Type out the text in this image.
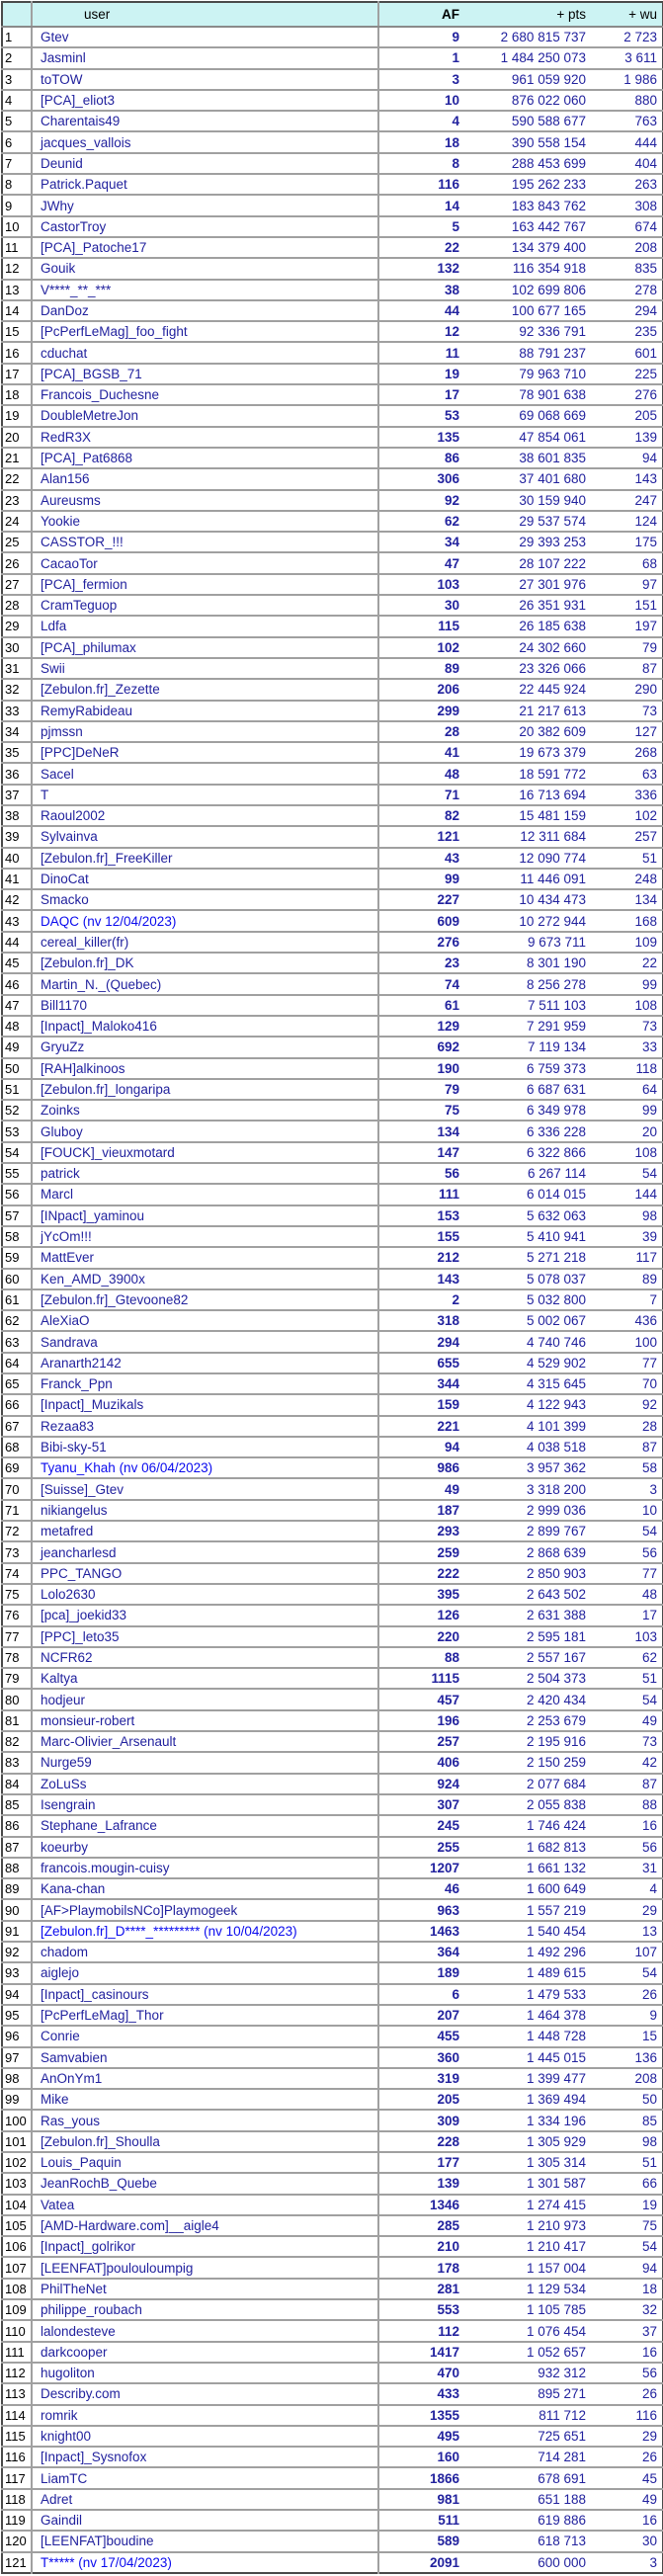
	user	AF	+ pts	+ wu
1	Gtev	9	2 680 815 737	2 723
2	Jasminl	1	1 484 250 073	3 611
3	toTOW	3	961 059 920	1 986
4	[PCA]_eliot3	10	876 022 060	880
5	Charentais49	4	590 588 677	763
6	jacques_vallois	18	390 558 154	444
7	Deunid	8	288 453 699	404
8	Patrick.Paquet	116	195 262 233	263
9	JWhy	14	183 843 762	308
10	CastorTroy	5	163 442 767	674
11	[PCA]_Patoche17	22	134 379 400	208
12	Gouik	132	116 354 918	835
13	V****_**_***	38	102 699 806	278
14	DanDoz	44	100 677 165	294
15	[PcPerfLeMag]_foo_fight	12	92 336 791	235
16	cduchat	11	88 791 237	601
17	[PCA]_BGSB_71	19	79 963 710	225
18	Francois_Duchesne	17	78 901 638	276
19	DoubleMetreJon	53	69 068 669	205
20	RedR3X	135	47 854 061	139
21	[PCA]_Pat6868	86	38 601 835	94
22	Alan156	306	37 401 680	143
23	Aureusms	92	30 159 940	247
24	Yookie	62	29 537 574	124
25	CASSTOR_!!!	34	29 393 253	175
26	CacaoTor	47	28 107 222	68
27	[PCA]_fermion	103	27 301 976	97
28	CramTeguop	30	26 351 931	151
29	Ldfa	115	26 185 638	197
30	[PCA]_philumax	102	24 302 660	79
31	Swii	89	23 326 066	87
32	[Zebulon.fr]_Zezette	206	22 445 924	290
33	RemyRabideau	299	21 217 613	73
34	pjmssn	28	20 382 609	127
35	[PPC]DeNeR	41	19 673 379	268
36	Sacel	48	18 591 772	63
37	T	71	16 713 694	336
38	Raoul2002	82	15 481 159	102
39	Sylvainva	121	12 311 684	257
40	[Zebulon.fr]_FreeKiller	43	12 090 774	51
41	DinoCat	99	11 446 091	248
42	Smacko	227	10 434 473	134
43	DAQC (nv 12/04/2023)	609	10 272 944	168
44	cereal_killer(fr)	276	9 673 711	109
45	[Zebulon.fr]_DK	23	8 301 190	22
46	Martin_N._(Quebec)	74	8 256 278	99
47	Bill1170	61	7 511 103	108
48	[Inpact]_Maloko416	129	7 291 959	73
49	GryuZz	692	7 119 134	33
50	[RAH]alkinoos	190	6 759 373	118
51	[Zebulon.fr]_longaripa	79	6 687 631	64
52	Zoinks	75	6 349 978	99
53	Gluboy	134	6 336 228	20
54	[FOUCK]_vieuxmotard	147	6 322 866	108
55	patrick	56	6 267 114	54
56	Marcl	111	6 014 015	144
57	[INpact]_yaminou	153	5 632 063	98
58	jYcOm!!!	155	5 410 941	39
59	MattEver	212	5 271 218	117
60	Ken_AMD_3900x	143	5 078 037	89
61	[Zebulon.fr]_Gtevoone82	2	5 032 800	7
62	AleXiaO	318	5 002 067	436
63	Sandrava	294	4 740 746	100
64	Aranarth2142	655	4 529 902	77
65	Franck_Ppn	344	4 315 645	70
66	[Inpact]_Muzikals	159	4 122 943	92
67	Rezaa83	221	4 101 399	28
68	Bibi-sky-51	94	4 038 518	87
69	Tyanu_Khah (nv 06/04/2023)	986	3 957 362	58
70	[Suisse]_Gtev	49	3 318 200	3
71	nikiangelus	187	2 999 036	10
72	metafred	293	2 899 767	54
73	jeancharlesd	259	2 868 639	56
74	PPC_TANGO	222	2 850 903	77
75	Lolo2630	395	2 643 502	48
76	[pca]_joekid33	126	2 631 388	17
77	[PPC]_leto35	220	2 595 181	103
78	NCFR62	88	2 557 167	62
79	Kaltya	1115	2 504 373	51
80	hodjeur	457	2 420 434	54
81	monsieur-robert	196	2 253 679	49
82	Marc-Olivier_Arsenault	257	2 195 916	73
83	Nurge59	406	2 150 259	42
84	ZoLuSs	924	2 077 684	87
85	Isengrain	307	2 055 838	88
86	Stephane_Lafrance	245	1 746 424	16
87	koeurby	255	1 682 813	56
88	francois.mougin-cuisy	1207	1 661 132	31
89	Kana-chan	46	1 600 649	4
90	[AF>PlaymobilsNCo]Playmogeek	963	1 557 219	29
91	[Zebulon.fr]_D****_********* (nv 10/04/2023)	1463	1 540 454	13
92	chadom	364	1 492 296	107
93	aiglejo	189	1 489 615	54
94	[Inpact]_casinours	6	1 479 533	26
95	[PcPerfLeMag]_Thor	207	1 464 378	9
96	Conrie	455	1 448 728	15
97	Samvabien	360	1 445 015	136
98	AnOnYm1	319	1 399 477	208
99	Mike	205	1 369 494	50
100	Ras_yous	309	1 334 196	85
101	[Zebulon.fr]_Shoulla	228	1 305 929	98
102	Louis_Paquin	177	1 305 314	51
103	JeanRochB_Quebe	139	1 301 587	66
104	Vatea	1346	1 274 415	19
105	[AMD-Hardware.com]__aigle4	285	1 210 973	75
106	[Inpact]_golrikor	210	1 210 417	54
107	[LEENFAT]poulouloumpig	178	1 157 004	94
108	PhilTheNet	281	1 129 534	18
109	philippe_roubach	553	1 105 785	32
110	lalondesteve	112	1 076 454	37
111	darkcooper	1417	1 052 657	16
112	hugoliton	470	932 312	56
113	Describy.com	433	895 271	26
114	romrik	1355	811 712	116
115	knight00	495	725 651	29
116	[Inpact]_Sysnofox	160	714 281	26
117	LiamTC	1866	678 691	45
118	Adret	981	651 188	49
119	Gaindil	511	619 886	16
120	[LEENFAT]boudine	589	618 713	30
121	T***** (nv 17/04/2023)	2091	600 000	3
